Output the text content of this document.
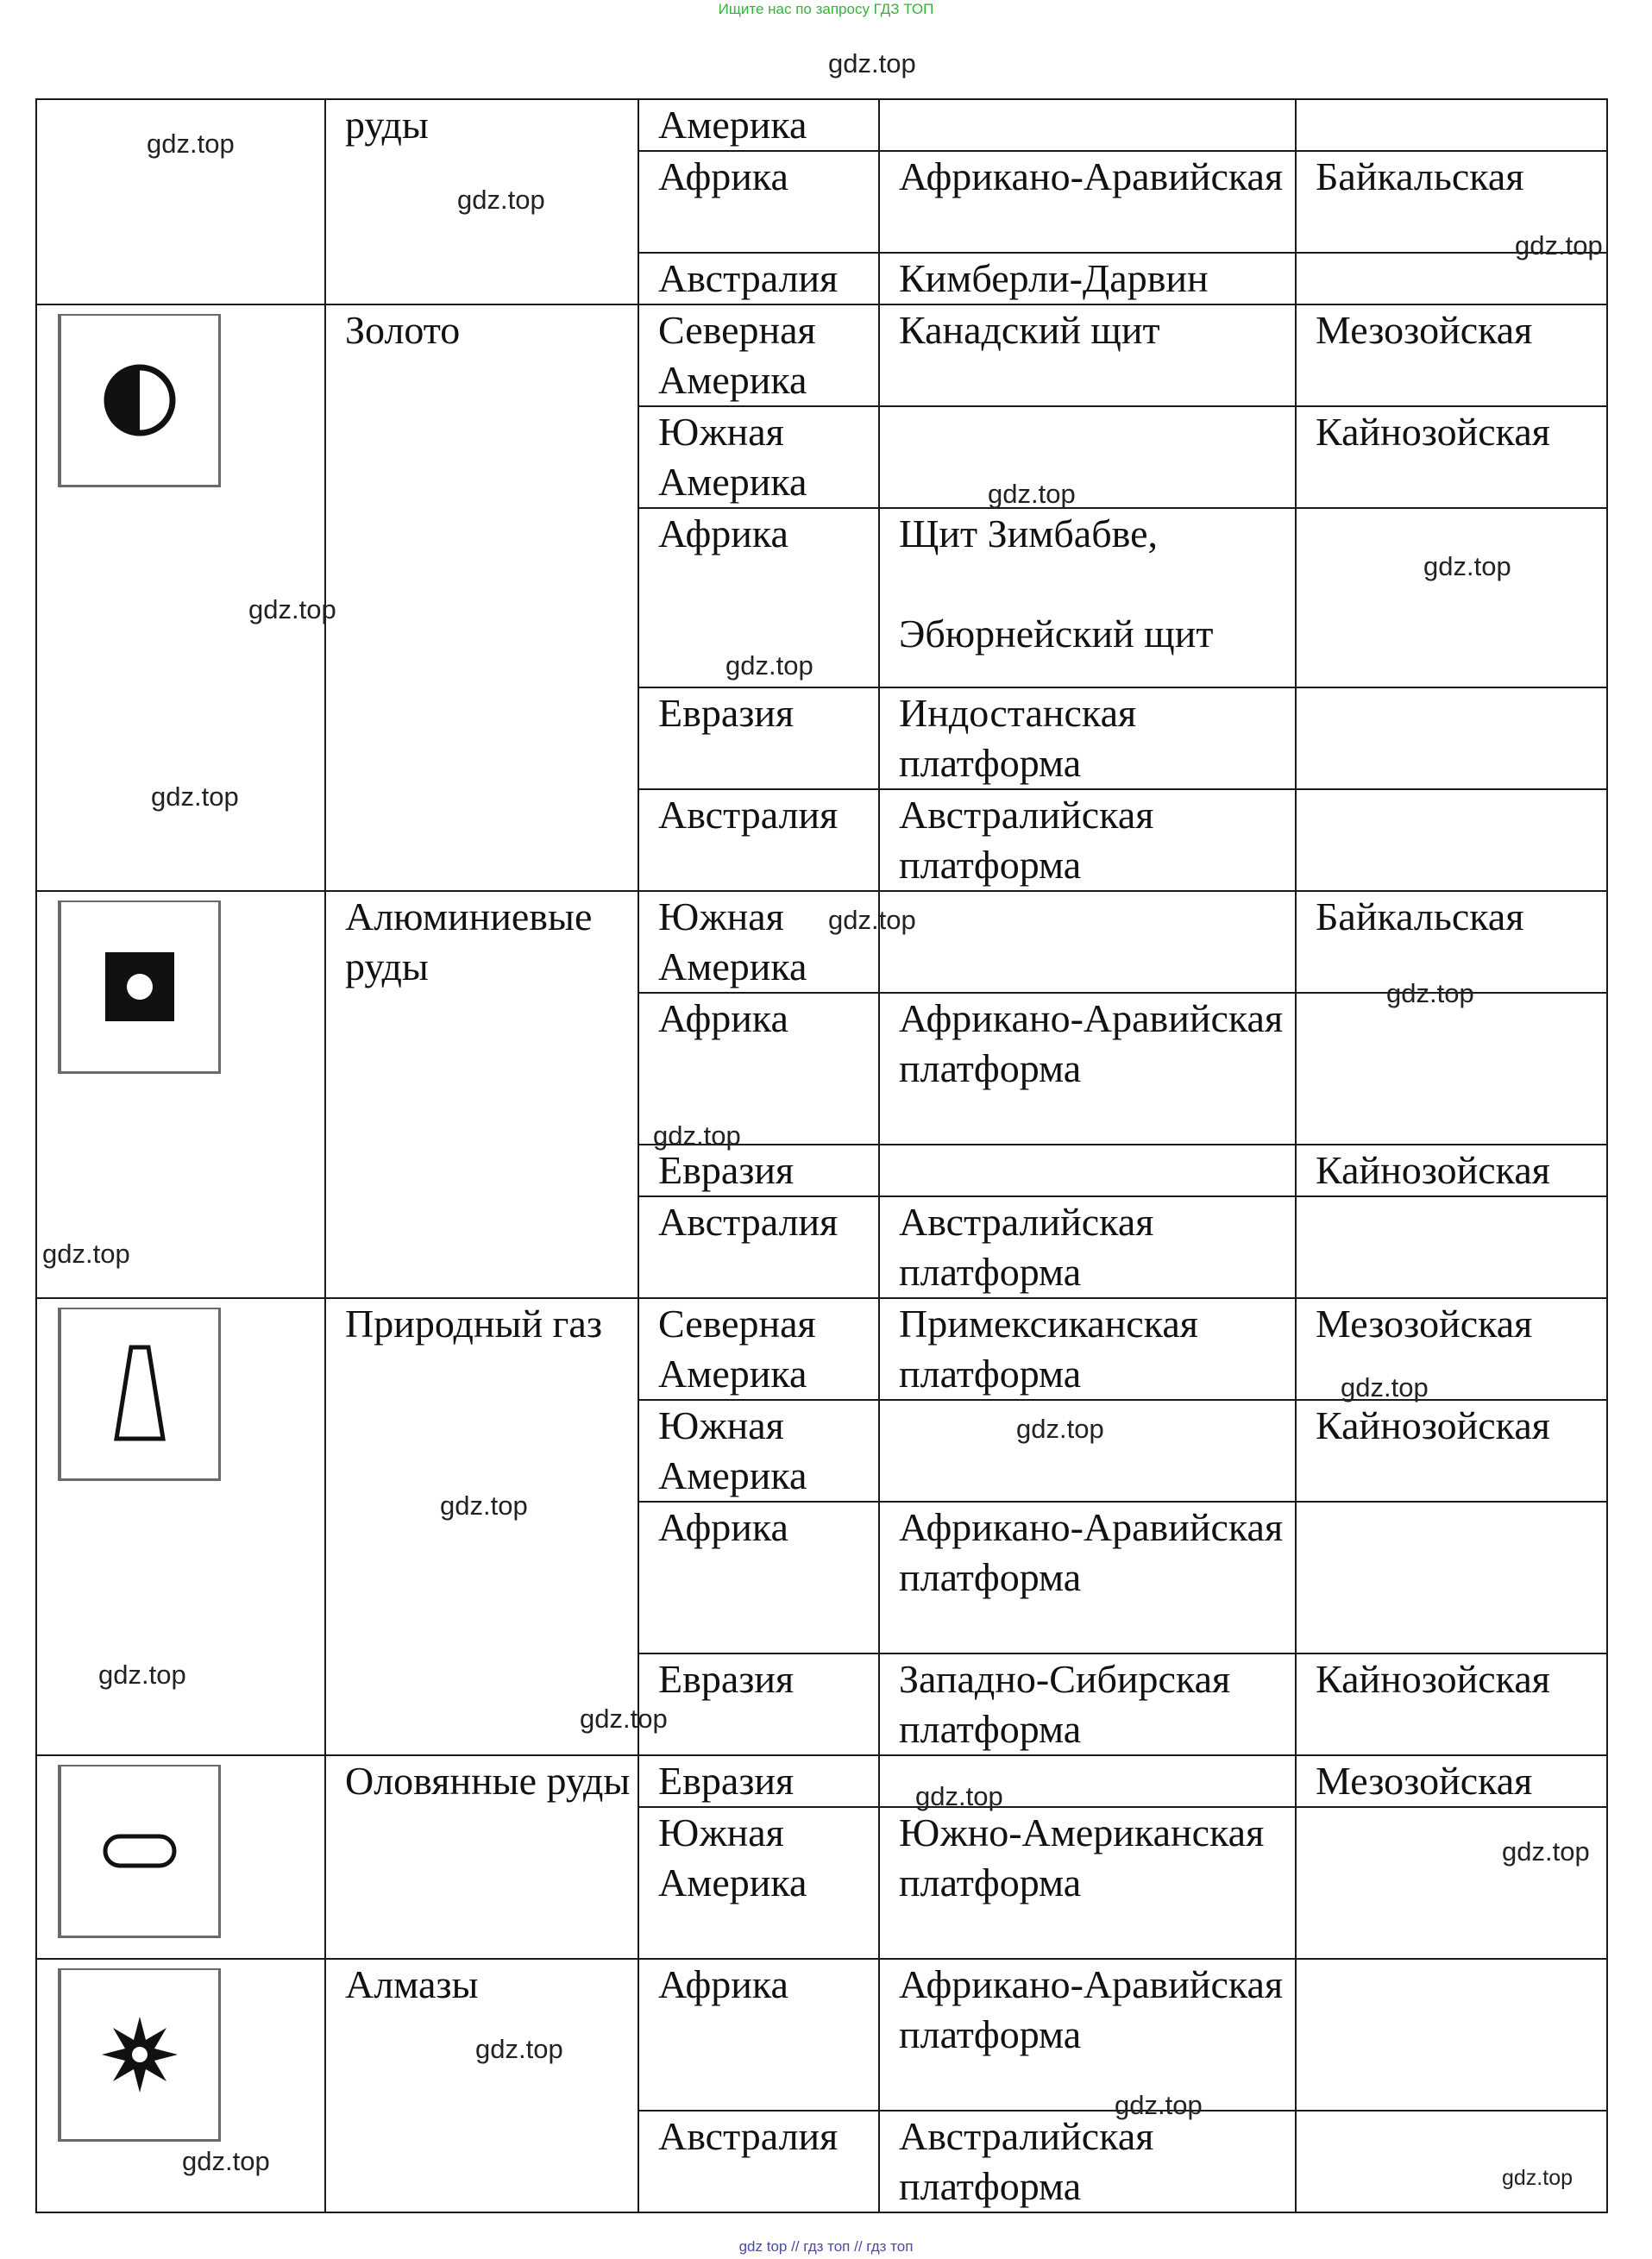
Ищите нас по запросу ГДЗ ТОП
gdz.top
	руды	Америка		
		Африка	Африкано-Аравийская	Байкальская
		Австралия	Кимберли-Дарвин	

	Золото	Северная Америка	Канадский щит	Мезозойская
		Южная Америка		Кайнозойская
		Африка	Щит Зимбабве,
Эбюрнейский щит	

		Евразия	Индостанская платформа	
		Австралия	Австралийская платформа	

	Алюминиевые руды	Южная Америка		Байкальская
		Африка	Африкано-Аравийская платформа	
		Евразия		Кайнозойская
		Австралия	Австралийская платформа	

	Природный газ	Северная Америка	Примексиканская платформа	Мезозойская
		Южная Америка		Кайнозойская
		Африка	Африкано-Аравийская платформа	
		Евразия	Западно-Сибирская платформа	Кайнозойская

	Оловянные руды	Евразия		Мезозойская
		Южная Америка	Южно-Американская платформа	

	Алмазы	Африка	Африкано-Аравийская платформа	
		Австралия	Австралийская платформа	
gdz.top
gdz.top
gdz.top
gdz.top
gdz.top
gdz.top
gdz.top
gdz.top
gdz.top
gdz.top
gdz.top
gdz.top
gdz.top
gdz.top
gdz.top
gdz.top
gdz.top
gdz.top
gdz.top
gdz.top
gdz.top
gdz.top
gdz.top
gdz top // гдз топ // гдз топ
